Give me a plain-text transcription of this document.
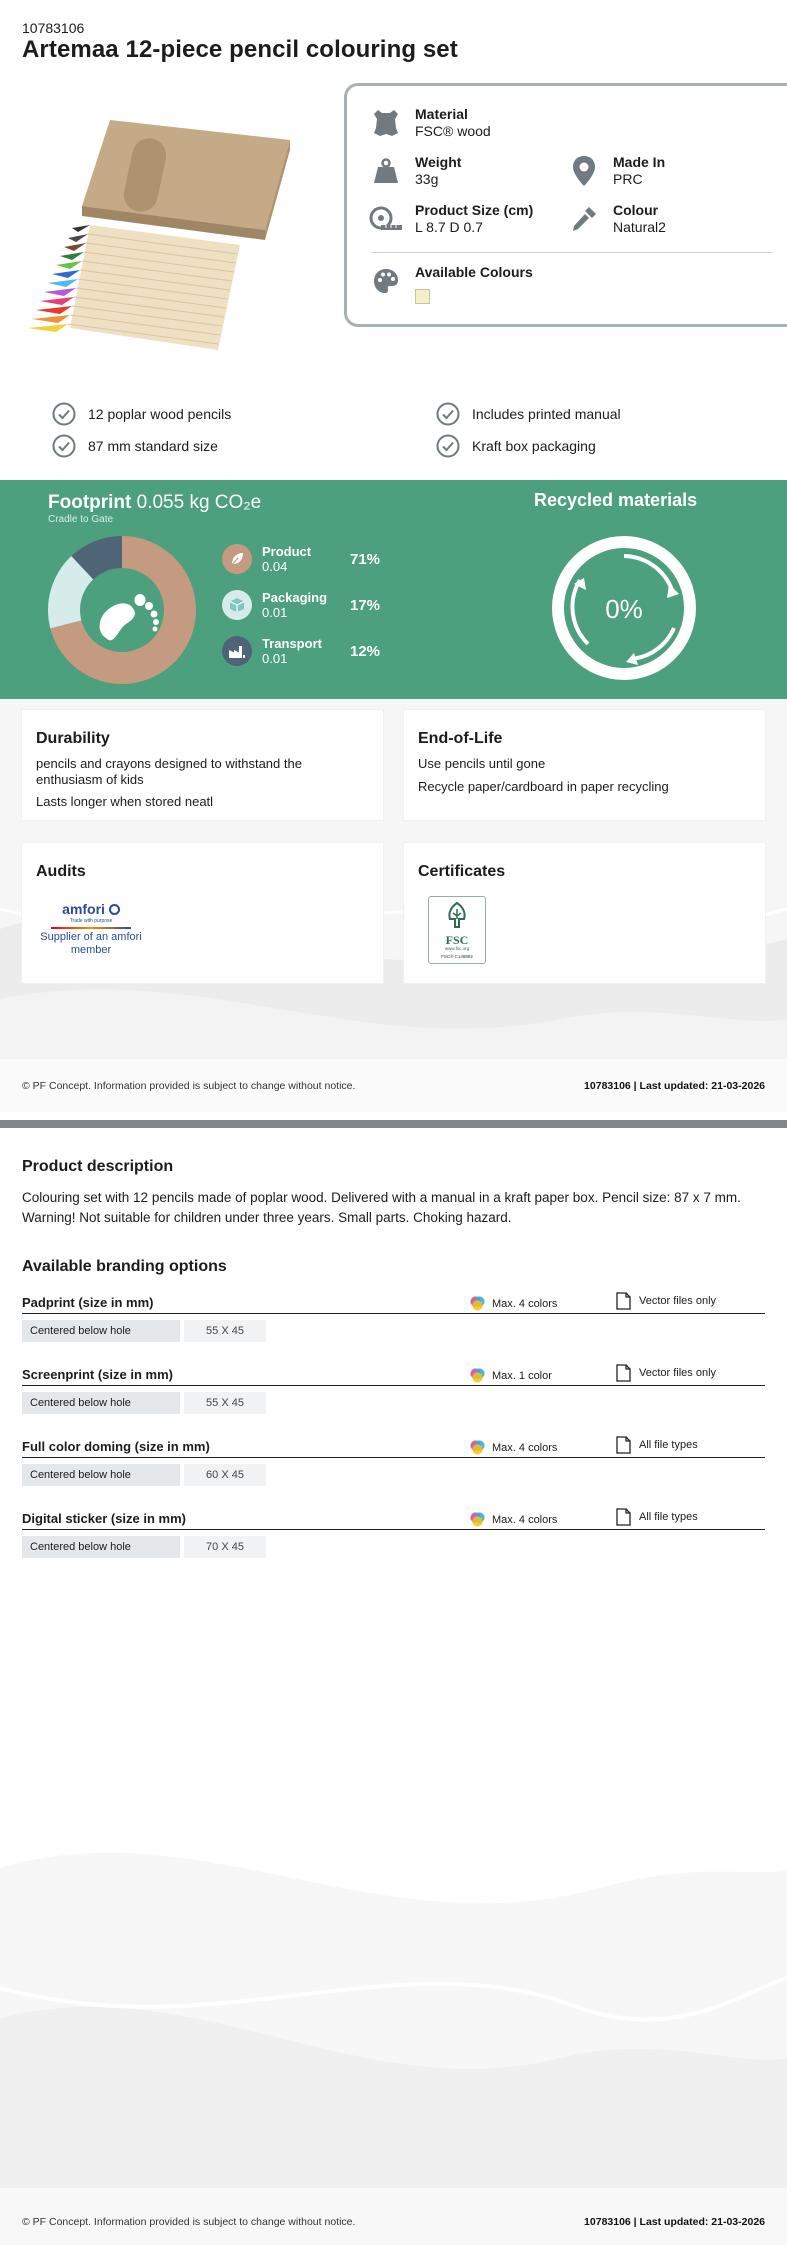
10783106
Artemaa 12-piece pencil colouring set
Material
FSC® wood
Weight
33g
Made In
PRC
Product Size (cm)
L 8.7 D 0.7
Colour
Natural2
Available Colours
12 poplar wood pencils	Includes printed manual
87 mm standard size	Kraft box packaging
Footprint 0.055 kg CO₂e
Cradle to Gate
Product
0.04	71%
Packaging
0.01	17%
Transport
0.01	12%
Recycled materials
0%
Durability
pencils and crayons designed to withstand the enthusiasm of kids
Lasts longer when stored neatl
End-of-Life
Use pencils until gone
Recycle paper/cardboard in paper recycling
Audits
amfori
Trade with purpose
Supplier of an amfori member
Certificates
FSC
www.fsc.org
FSC® C148882
© PF Concept. Information provided is subject to change without notice.	10783106 | Last updated: 21-03-2026
Product description
Colouring set with 12 pencils made of poplar wood. Delivered with a manual in a kraft paper box. Pencil size: 87 x 7 mm. Warning! Not suitable for children under three years. Small parts. Choking hazard.
Available branding options
Padprint (size in mm)	Max. 4 colors	Vector files only
Centered below hole	55 X 45
Screenprint (size in mm)	Max. 1 color	Vector files only
Centered below hole	55 X 45
Full color doming (size in mm)	Max. 4 colors	All file types
Centered below hole	60 X 45
Digital sticker (size in mm)	Max. 4 colors	All file types
Centered below hole	70 X 45
© PF Concept. Information provided is subject to change without notice.	10783106 | Last updated: 21-03-2026
